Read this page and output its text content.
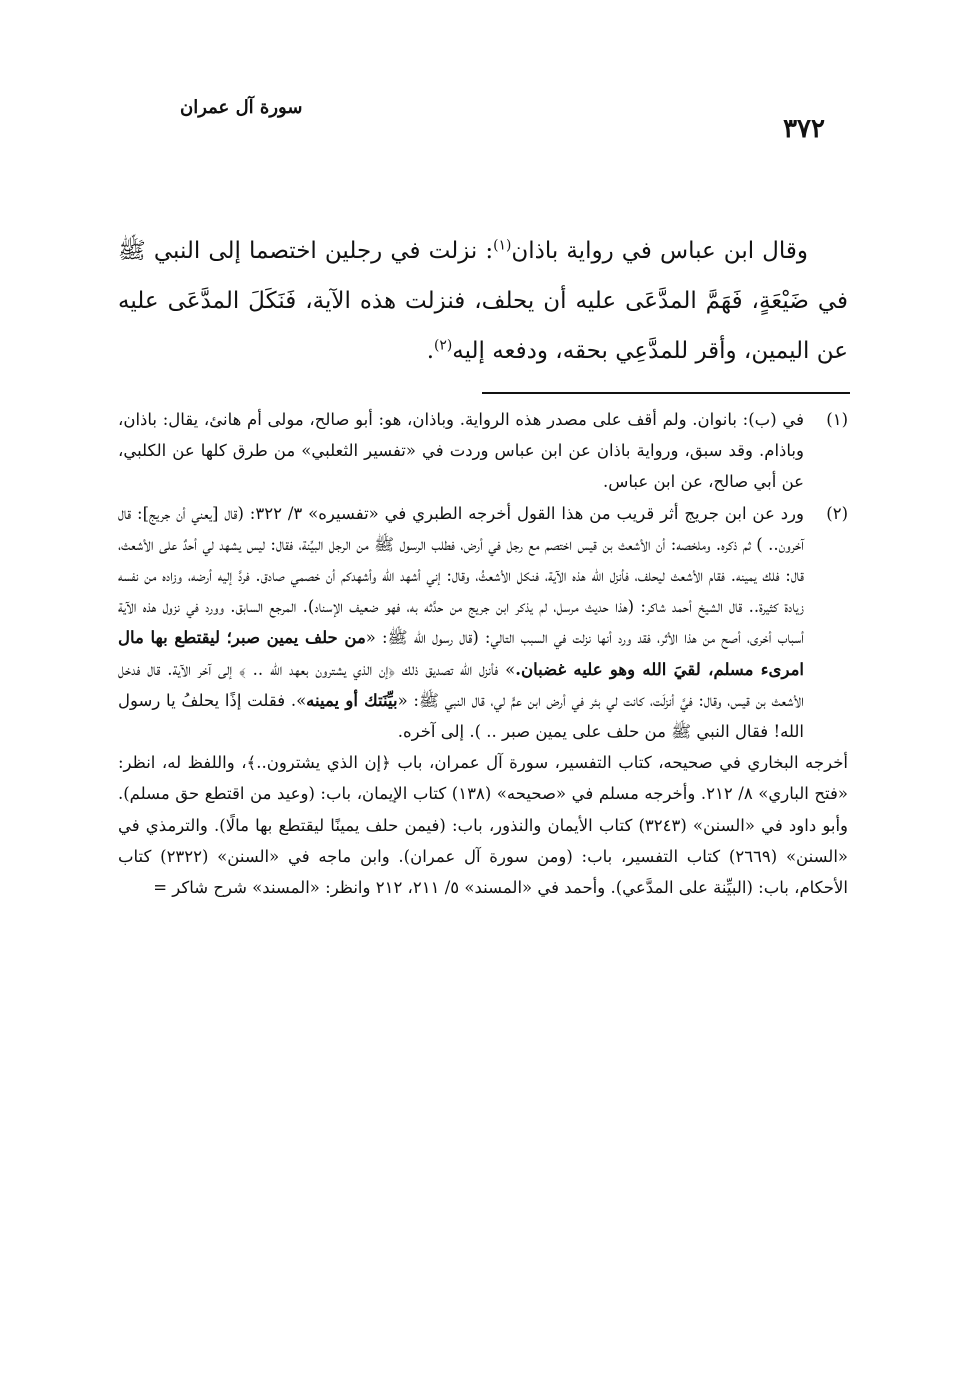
سورة آل عمران
٣٧٢

وقال ابن عباس في رواية باذان$^{(١)}$: نزلت في رجلين اختصما إلى النبي ﷺ في ضَيْعَةٍ، فَهَمَّ المدَّعَى عليه أن يحلف، فنزلت هذه الآية، فَنَكَلَ المدَّعَى عليه عن اليمين، وأقر للمدَّعِي بحقه، ودفعه إليه$^{(٢)}$.

(١)
في (ب): بانوان. ولم أقف على مصدر هذه الرواية. وباذان، هو: أبو صالح، مولى أم هانئ، يقال: باذان، وباذام. وقد سبق، ورواية باذان عن ابن عباس وردت في «تفسير الثعلبي» من طرق كلها عن الكلبي، عن أبي صالح، عن ابن عباس.

(٢)
ورد عن ابن جريج أثر قريب من هذا القول أخرجه الطبري في «تفسيره» ٣/ ٣٢٢: (قال [يعني أن جريج]: قال آخرون.. ) ثم ذكره. وملخصه: أن الأشعث بن قيس اختصم مع رجل في أرض، فطلب الرسول ﷺ من الرجل البيِّنة، فقال: ليس يشهد لي أحدٌ على الأشعث، قال: فلك يمينه. فقام الأشعث ليحلف، فأنزل الله هذه الآية، فنكل الأشعثُ، وقال: إني أشهد الله وأشهدكم أن خصمي صادق. فردَّ إليه أرضه، وزاده من نفسه زيادة كثيرة.. قال الشيخ أحمد شاكر: (هذا حديث مرسل، لم يذكر ابن جريج من حدَّثه به، فهو ضعيف الإسناد). المرجع السابق. وورد في نزول هذه الآية أسباب أخرى، أصح من هذا الأثر، فقد ورد أنها نزلت في السبب التالي: (قال رسول الله ﷺ: «من حلف يمين صبر؛ ليقتطع بها مال امرىء مسلم، لقيَ الله وهو عليه غضبان.» فأنزل الله تصديق ذلك ﴿إن الذي يشترون بعهد الله .. ﴾ إلى آخر الآية. قال فدخل الأشعث بن قيس، وقال: فيَّ أنزلَت، كانت لي بئر في أرض ابن عمٍّ لي، قال النبي ﷺ: «بيِّنَتك أو يمينه». فقلت إذًا يحلفُ يا رسول الله! فقال النبي ﷺ من حلف على يمين صبر .. ). إلى آخره.

أخرجه البخاري في صحيحه، كتاب التفسير، سورة آل عمران، باب ﴿إن الذي يشترون..﴾، واللفظ له، انظر: «فتح الباري» ٨/ ٢١٢. وأخرجه مسلم في «صحيحه» (١٣٨) كتاب الإيمان، باب: (وعيد من اقتطع حق مسلم). وأبو داود في «السنن» (٣٢٤٣) كتاب الأيمان والنذور، باب: (فيمن حلف يمينًا ليقتطع بها مالًا). والترمذي في «السنن» (٢٦٦٩) كتاب التفسير، باب: (ومن سورة آل عمران). وابن ماجه في «السنن» (٢٣٢٢) كتاب الأحكام، باب: (البيِّنة على المدَّعي). وأحمد في «المسند» ٥/ ٢١١، ٢١٢ وانظر: «المسند» شرح شاكر =
